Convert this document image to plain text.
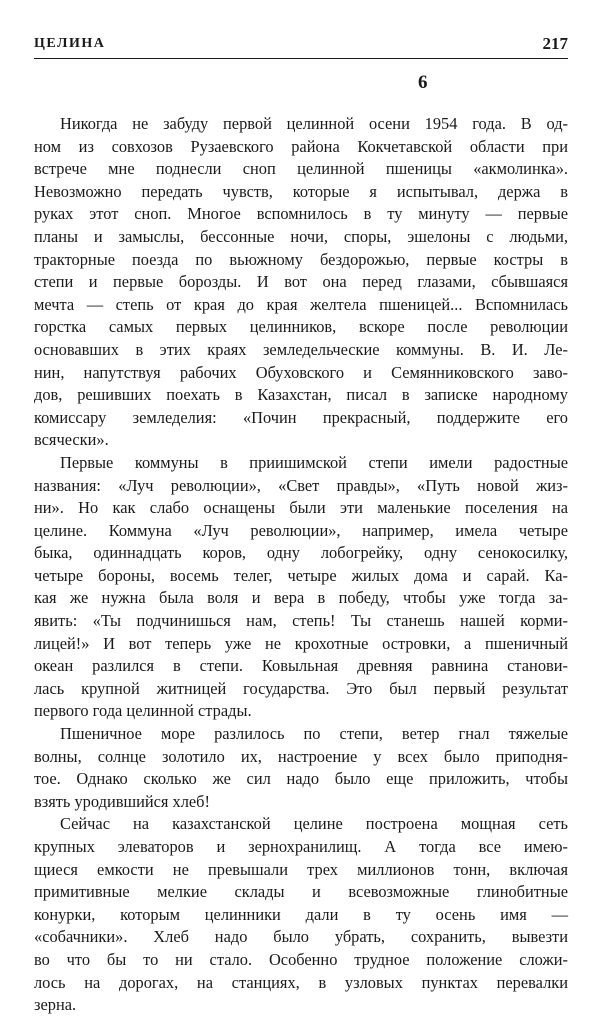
ЦЕЛИНА	217
6
Никогда не забуду первой целинной осени 1954 года. В од-
ном из совхозов Рузаевского района Кокчетавской области при
встрече мне поднесли сноп целинной пшеницы «акмолинка».
Невозможно передать чувств, которые я испытывал, держа в
руках этот сноп. Многое вспомнилось в ту минуту — первые
планы и замыслы, бессонные ночи, споры, эшелоны с людьми,
тракторные поезда по вьюжному бездорожью, первые костры в
степи и первые борозды. И вот она перед глазами, сбывшаяся
мечта — степь от края до края желтела пшеницей... Вспомнилась
горстка самых первых целинников, вскоре после революции
основавших в этих краях земледельческие коммуны. В. И. Ле-
нин, напутствуя рабочих Обуховского и Семянниковского заво-
дов, решивших поехать в Казахстан, писал в записке народному
комиссару земледелия: «Почин прекрасный, поддержите его
всячески».
Первые коммуны в приишимской степи имели радостные
названия: «Луч революции», «Свет правды», «Путь новой жиз-
ни». Но как слабо оснащены были эти маленькие поселения на
целине. Коммуна «Луч революции», например, имела четыре
быка, одиннадцать коров, одну лобогрейку, одну сенокосилку,
четыре бороны, восемь телег, четыре жилых дома и сарай. Ка-
кая же нужна была воля и вера в победу, чтобы уже тогда за-
явить: «Ты подчинишься нам, степь! Ты станешь нашей корми-
лицей!» И вот теперь уже не крохотные островки, а пшеничный
океан разлился в степи. Ковыльная древняя равнина станови-
лась крупной житницей государства. Это был первый результат
первого года целинной страды.
Пшеничное море разлилось по степи, ветер гнал тяжелые
волны, солнце золотило их, настроение у всех было приподня-
тое. Однако сколько же сил надо было еще приложить, чтобы
взять уродившийся хлеб!
Сейчас на казахстанской целине построена мощная сеть
крупных элеваторов и зернохранилищ. А тогда все имею-
щиеся емкости не превышали трех миллионов тонн, включая
примитивные мелкие склады и всевозможные глинобитные
конурки, которым целинники дали в ту осень имя —
«собачники». Хлеб надо было убрать, сохранить, вывезти
во что бы то ни стало. Особенно трудное положение сложи-
лось на дорогах, на станциях, в узловых пунктах перевалки
зерна.
